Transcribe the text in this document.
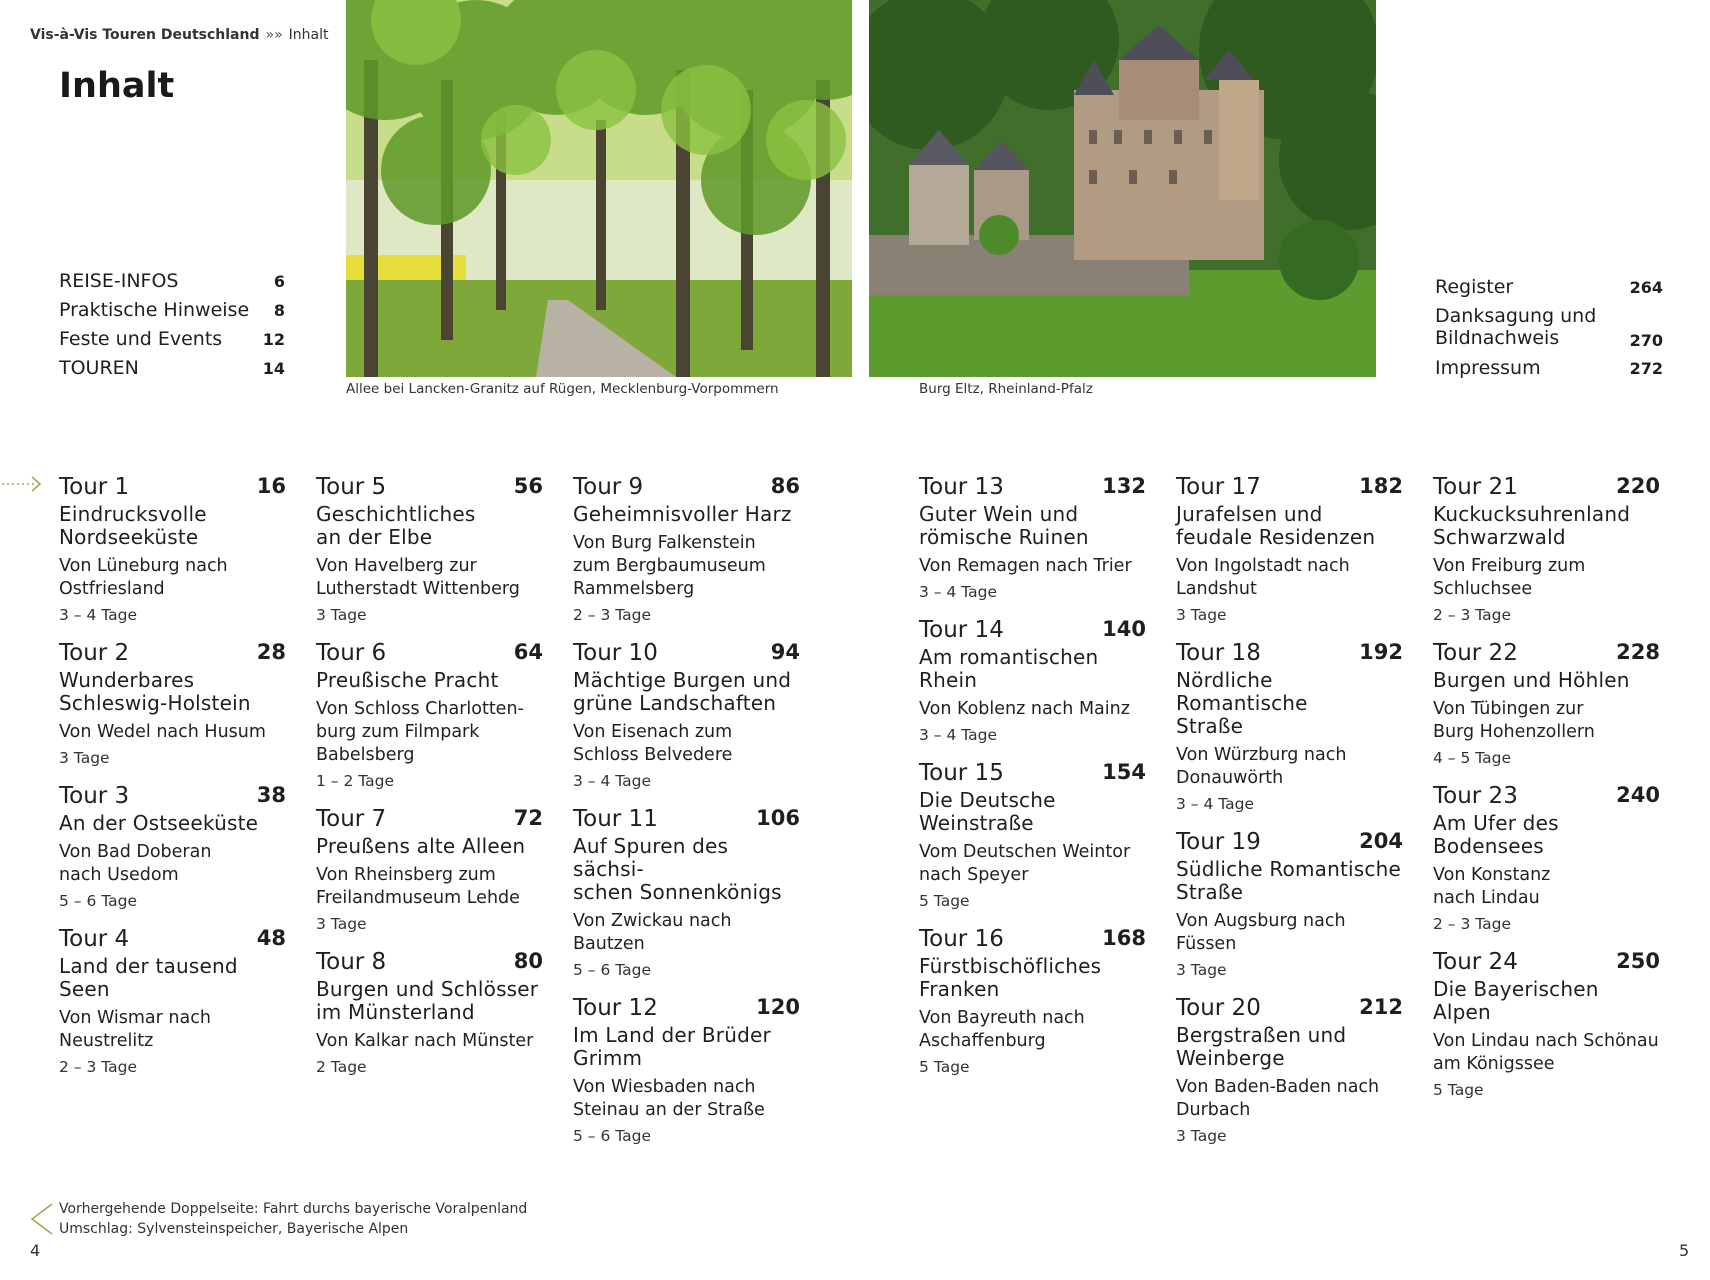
Vis-à-Vis Touren Deutschland »» Inhalt
Inhalt
REISE-INFOS	6
Praktische Hinweise 8
Feste und Events	12
TOUREN	14
Allee bei Lancken-Granitz auf Rügen, Mecklenburg-Vorpommern	Burg Eltz, Rheinland-Pfalz
Register	264
Danksagung und
Bildnachweis	270
Impressum	272
Tour 1	16
Eindrucksvolle
Nordseeküste
Von Lüneburg nach
Ostfriesland
3 – 4 Tage
Tour 2	28
Wunderbares
Schleswig-Holstein
Von Wedel nach Husum
3 Tage
Tour 3	38
An der Ostseeküste
Von Bad Doberan
nach Usedom
5 – 6 Tage
Tour 4	48
Land der tausend Seen
Von Wismar nach
Neustrelitz
2 – 3 Tage
Tour 5	56
Geschichtliches
an der Elbe
Von Havelberg zur
Lutherstadt Wittenberg
3 Tage
Tour 6	64
Preußische Pracht
Von Schloss Charlotten-
burg zum Filmpark
Babelsberg
1 – 2 Tage
Tour 7	72
Preußens alte Alleen
Von Rheinsberg zum
Freilandmuseum Lehde
3 Tage
Tour 8	80
Burgen und Schlösser
im Münsterland
Von Kalkar nach Münster
2 Tage
Tour 9	86
Geheimnisvoller Harz
Von Burg Falkenstein
zum Bergbaumuseum
Rammelsberg
2 – 3 Tage
Tour 10	94
Mächtige Burgen und
grüne Landschaften
Von Eisenach zum
Schloss Belvedere
3 – 4 Tage
Tour 11	106
Auf Spuren des sächsi-
schen Sonnenkönigs
Von Zwickau nach Bautzen
5 – 6 Tage
Tour 12	120
Im Land der Brüder
Grimm
Von Wiesbaden nach
Steinau an der Straße
5 – 6 Tage
Tour 13	132
Guter Wein und
römische Ruinen
Von Remagen nach Trier
3 – 4 Tage
Tour 14	140
Am romantischen
Rhein
Von Koblenz nach Mainz
3 – 4 Tage
Tour 15	154
Die Deutsche
Weinstraße
Vom Deutschen Weintor
nach Speyer
5 Tage
Tour 16	168
Fürstbischöfliches
Franken
Von Bayreuth nach
Aschaffenburg
5 Tage
Tour 17	182
Jurafelsen und
feudale Residenzen
Von Ingolstadt nach
Landshut
3 Tage
Tour 18	192
Nördliche Romantische
Straße
Von Würzburg nach
Donauwörth
3 – 4 Tage
Tour 19	204
Südliche Romantische
Straße
Von Augsburg nach Füssen
3 Tage
Tour 20	212
Bergstraßen und
Weinberge
Von Baden-Baden nach
Durbach
3 Tage
Tour 21	220
Kuckucksuhrenland
Schwarzwald
Von Freiburg zum
Schluchsee
2 – 3 Tage
Tour 22	228
Burgen und Höhlen
Von Tübingen zur
Burg Hohenzollern
4 – 5 Tage
Tour 23	240
Am Ufer des
Bodensees
Von Konstanz
nach Lindau
2 – 3 Tage
Tour 24	250
Die Bayerischen Alpen
Von Lindau nach Schönau
am Königssee
5 Tage
Vorhergehende Doppelseite: Fahrt durchs bayerische Voralpenland
Umschlag: Sylvensteinspeicher, Bayerische Alpen
4	5
